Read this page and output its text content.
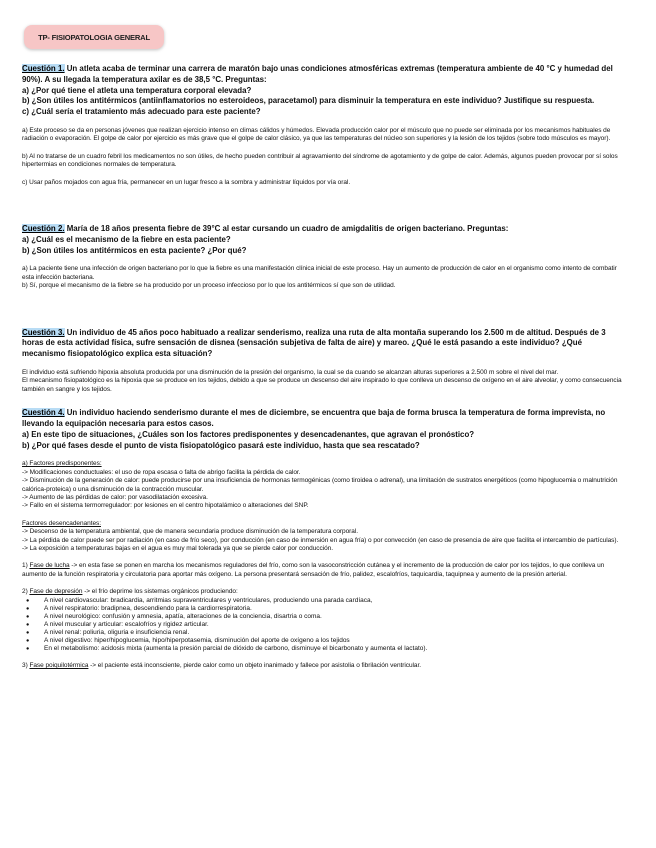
TP- FISIOPATOLOGIA GENERAL
Cuestión 1. Un atleta acaba de terminar una carrera de maratón bajo unas condiciones atmosféricas extremas (temperatura ambiente de 40 °C y humedad del 90%). A su llegada la temperatura axilar es de 38,5 °C. Preguntas:
a) ¿Por qué tiene el atleta una temperatura corporal elevada?
b) ¿Son útiles los antitérmicos (antiinflamatorios no esteroideos, paracetamol) para disminuir la temperatura en este individuo? Justifique su respuesta.
c) ¿Cuál sería el tratamiento más adecuado para este paciente?
a) Este proceso se da en personas jóvenes que realizan ejercicio intenso en climas cálidos y húmedos. Elevada producción calor por el músculo que no puede ser eliminada por los mecanismos habituales de radiación o evaporación. El golpe de calor por ejercicio es más grave que el golpe de calor clásico, ya que las temperaturas del núcleo son superiores y la lesión de los tejidos (sobre todo músculos es mayor).
b) Al no tratarse de un cuadro febril los medicamentos no son útiles, de hecho pueden contribuir al agravamiento del síndrome de agotamiento y de golpe de calor. Además, algunos pueden provocar por sí solos hipertermias en condiciones normales de temperatura.
c) Usar paños mojados con agua fría, permanecer en un lugar fresco a la sombra y administrar líquidos por vía oral.
Cuestión 2. María de 18 años presenta fiebre de 39°C al estar cursando un cuadro de amigdalitis de origen bacteriano. Preguntas:
a) ¿Cuál es el mecanismo de la fiebre en esta paciente?
b) ¿Son útiles los antitérmicos en esta paciente? ¿Por qué?
a) La paciente tiene una infección de origen bacteriano por lo que la fiebre es una manifestación clínica inicial de este proceso. Hay un aumento de producción de calor en el organismo como intento de combatir esta infección bacteriana.
b) Sí, porque el mecanismo de la fiebre se ha producido por un proceso infeccioso por lo que los antitérmicos sí que son de utilidad.
Cuestión 3. Un individuo de 45 años poco habituado a realizar senderismo, realiza una ruta de alta montaña superando los 2.500 m de altitud. Después de 3 horas de esta actividad física, sufre sensación de disnea (sensación subjetiva de falta de aire) y mareo. ¿Qué le está pasando a este individuo? ¿Qué mecanismo fisiopatológico explica esta situación?
El individuo está sufriendo hipoxia absoluta producida por una disminución de la presión del organismo, la cual se da cuando se alcanzan alturas superiores a 2.500 m sobre el nivel del mar.
El mecanismo fisiopatológico es la hipoxia que se produce en los tejidos, debido a que se produce un descenso del aire inspirado lo que conlleva un descenso de oxígeno en el aire alveolar, y como consecuencia también en sangre y los tejidos.
Cuestión 4. Un individuo haciendo senderismo durante el mes de diciembre, se encuentra que baja de forma brusca la temperatura de forma imprevista, no llevando la equipación necesaria para estos casos.
a) En este tipo de situaciones, ¿Cuáles son los factores predisponentes y desencadenantes, que agravan el pronóstico?
b) ¿Por qué fases desde el punto de vista fisiopatológico pasará este individuo, hasta que sea rescatado?
a) Factores predisponentes:
-> Modificaciones conductuales: el uso de ropa escasa o falta de abrigo facilita la pérdida de calor.
-> Disminución de la generación de calor: puede producirse por una insuficiencia de hormonas termogénicas (como tiroidea o adrenal), una limitación de sustratos energéticos (como hipoglucemia o malnutrición calórica-proteica) o una disminución de la contracción muscular.
-> Aumento de las pérdidas de calor: por vasodilatación excesiva.
-> Fallo en el sistema termorregulador: por lesiones en el centro hipotalámico o alteraciones del SNP.
Factores desencadenantes:
-> Descenso de la temperatura ambiental, que de manera secundaria produce disminución de la temperatura corporal.
-> La pérdida de calor puede ser por radiación (en caso de frío seco), por conducción (en caso de inmersión en agua fría) o por convección (en caso de presencia de aire que facilita el intercambio de partículas).
-> La exposición a temperaturas bajas en el agua es muy mal tolerada ya que se pierde calor por conducción.
1) Fase de lucha -> en esta fase se ponen en marcha los mecanismos reguladores del frío, como son la vasoconstricción cutánea y el incremento de la producción de calor por los tejidos, lo que conlleva un aumento de la función respiratoria y circulatoria para aportar más oxígeno. La persona presentará sensación de frío, palidez, escalofríos, taquicardia, taquipnea y aumento de la presión arterial.
2) Fase de depresión -> el frío deprime los sistemas orgánicos produciendo:
● A nivel cardiovascular: bradicardia, arritmias supraventriculares y ventriculares, produciendo una parada cardíaca,
● A nivel respiratorio: bradipnea, descendiendo para la cardiorrespiratoria.
● A nivel neurológico: confusión y amnesia, apatía, alteraciones de la conciencia, disartria o coma.
● A nivel muscular y articular: escalofríos y rigidez articular.
● A nivel renal: poliuria, oliguria e insuficiencia renal.
● A nivel digestivo: hiper/hipoglucemia, hipo/hiperpotasemia, disminución del aporte de oxígeno a los tejidos
● En el metabolismo: acidosis mixta (aumenta la presión parcial de dióxido de carbono, disminuye el bicarbonato y aumenta el lactato).
3) Fase poiquilotérmica -> el paciente está inconsciente, pierde calor como un objeto inanimado y fallece por asistolia o fibrilación ventricular.
